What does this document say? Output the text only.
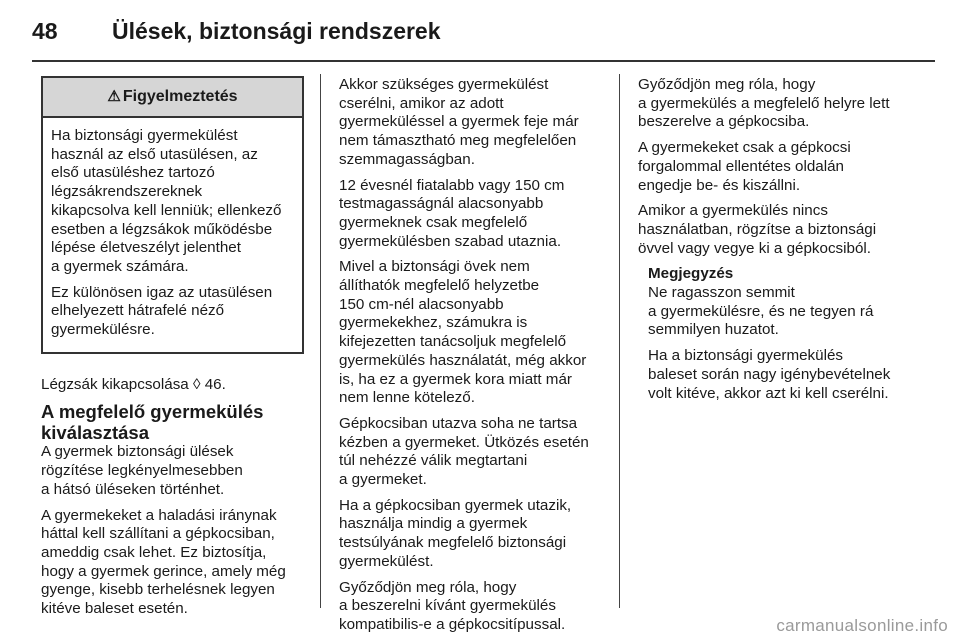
48 Ülések, biztonsági rendszerek
⚠ Figyelmeztetés

Ha biztonsági gyermekülést
használ az első utasülésen, az
első utasüléshez tartozó
légzsákrendszereknek
kikapcsolva kell lenniük; ellenkező
esetben a légzsákok működésbe
lépése életveszélyt jelenthet
a gyermek számára.

Ez különösen igaz az utasülésen
elhelyezett hátrafelé néző
gyermekülésre.

Légzsák kikapcsolása ◊ 46.

A megfelelő gyermekülés
kiválasztása

A gyermek biztonsági ülések
rögzítése legkényelmesebben
a hátsó üléseken történhet.

A gyermekeket a haladási iránynak
háttal kell szállítani a gépkocsiban,
ameddig csak lehet. Ez biztosítja,
hogy a gyermek gerince, amely még
gyenge, kisebb terhelésnek legyen
kitéve baleset esetén.

Akkor szükséges gyermekülést
cserélni, amikor az adott
gyermeküléssel a gyermek feje már
nem támasztható meg megfelelően
szemmagasságban.

12 évesnél fiatalabb vagy 150 cm
testmagasságnál alacsonyabb
gyermeknek csak megfelelő
gyermekülésben szabad utaznia.

Mivel a biztonsági övek nem
állíthatók megfelelő helyzetbe
150 cm-nél alacsonyabb
gyermekekhez, számukra is
kifejezetten tanácsoljuk megfelelő
gyermekülés használatát, még akkor
is, ha ez a gyermek kora miatt már
nem lenne kötelező.

Gépkocsiban utazva soha ne tartsa
kézben a gyermeket. Ütközés esetén
túl nehézzé válik megtartani
a gyermeket.

Ha a gépkocsiban gyermek utazik,
használja mindig a gyermek
testsúlyának megfelelő biztonsági
gyermekülést.

Győződjön meg róla, hogy
a beszerelni kívánt gyermekülés
kompatibilis-e a gépkocsitípussal.

Győződjön meg róla, hogy
a gyermekülés a megfelelő helyre lett
beszerelve a gépkocsiba.

A gyermekeket csak a gépkocsi
forgalommal ellentétes oldalán
engedje be- és kiszállni.

Amikor a gyermekülés nincs
használatban, rögzítse a biztonsági
övvel vagy vegye ki a gépkocsiból.

Megjegyzés

Ne ragasszon semmit
a gyermekülésre, és ne tegyen rá
semmilyen huzatot.

Ha a biztonsági gyermekülés
baleset során nagy igénybevételnek
volt kitéve, akkor azt ki kell cserélni.

carmanualsonline.info
